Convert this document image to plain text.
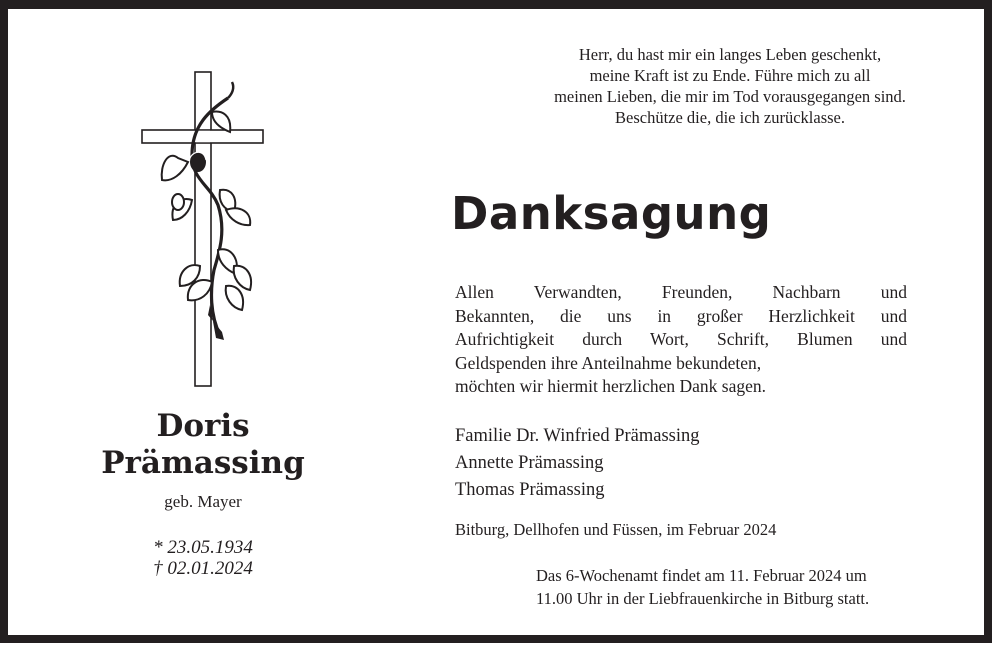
Herr, du hast mir ein langes Leben geschenkt,
meine Kraft ist zu Ende. Führe mich zu all
meinen Lieben, die mir im Tod vorausgegangen sind.
Beschütze die, die ich zurücklasse.
Danksagung
Allen Verwandten, Freunden, Nachbarn und
Bekannten, die uns in großer Herzlichkeit und
Aufrichtigkeit durch Wort, Schrift, Blumen und
Geldspenden ihre Anteilnahme bekundeten,
möchten wir hiermit herzlichen Dank sagen.
Familie Dr. Winfried Prämassing
Annette Prämassing
Thomas Prämassing
Bitburg, Dellhofen und Füssen, im Februar 2024
Das 6-Wochenamt findet am 11. Februar 2024 um
11.00 Uhr in der Liebfrauenkirche in Bitburg statt.
Doris
Prämassing
geb. Mayer
* 23.05.1934
† 02.01.2024
